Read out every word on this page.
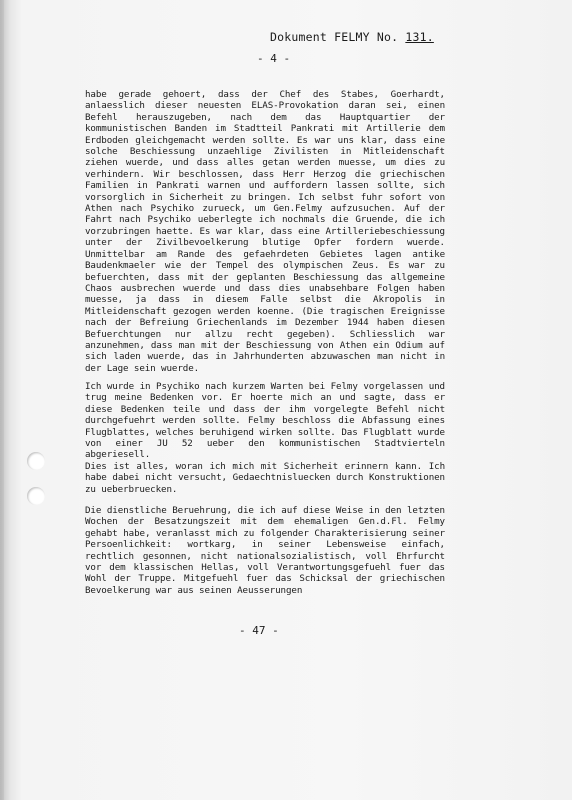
Dokument FELMY No. 131.
- 4 -

habe gerade gehoert, dass der Chef des Stabes, Goerhardt, anlaesslich dieser neuesten ELAS-Provokation daran sei, einen Befehl herauszugeben, nach dem das Hauptquartier der kommunistischen Banden im Stadtteil Pankrati mit Artillerie dem Erdboden gleichgemacht werden sollte. Es war uns klar, dass eine solche Beschiessung unzaehlige Zivilisten in Mitleidenschaft ziehen wuerde, und dass alles getan werden muesse, um dies zu verhindern. Wir beschlossen, dass Herr Herzog die griechischen Familien in Pankrati warnen und auffordern lassen sollte, sich vorsorglich in Sicherheit zu bringen. Ich selbst fuhr sofort von Athen nach Psychiko zurueck, um Gen.Felmy aufzusuchen. Auf der Fahrt nach Psychiko ueberlegte ich nochmals die Gruende, die ich vorzubringen haette. Es war klar, dass eine Artilleriebeschiessung unter der Zivilbevoelkerung blutige Opfer fordern wuerde. Unmittelbar am Rande des gefaehrdeten Gebietes lagen antike Baudenkmaeler wie der Tempel des olympischen Zeus. Es war zu befuerchten, dass mit der geplanten Beschiessung das allgemeine Chaos ausbrechen wuerde und dass dies unabsehbare Folgen haben muesse, ja dass in diesem Falle selbst die Akropolis in Mitleidenschaft gezogen werden koenne. (Die tragischen Ereignisse nach der Befreiung Griechenlands im Dezember 1944 haben diesen Befuerchtungen nur allzu recht gegeben). Schliesslich war anzunehmen, dass man mit der Beschiessung von Athen ein Odium auf sich laden wuerde, das in Jahrhunderten abzuwaschen man nicht in der Lage sein wuerde.

Ich wurde in Psychiko nach kurzem Warten bei Felmy vorgelassen und trug meine Bedenken vor. Er hoerte mich an und sagte, dass er diese Bedenken teile und dass der ihm vorgelegte Befehl nicht durchgefuehrt werden sollte. Felmy beschloss die Abfassung eines Flugblattes, welches beruhigend wirken sollte. Das Flugblatt wurde von einer JU 52 ueber den kommunistischen Stadtvierteln abgeriesell.

Dies ist alles, woran ich mich mit Sicherheit erinnern kann. Ich habe dabei nicht versucht, Gedaechtnisluecken durch Konstruktionen zu ueberbruecken.

Die dienstliche Beruehrung, die ich auf diese Weise in den letzten Wochen der Besatzungszeit mit dem ehemaligen Gen.d.Fl. Felmy gehabt habe, veranlasst mich zu folgender Charakterisierung seiner Persoenlichkeit: wortkarg, in seiner Lebensweise einfach, rechtlich gesonnen, nicht nationalsozialistisch, voll Ehrfurcht vor dem klassischen Hellas, voll Verantwortungsgefuehl fuer das Wohl der Truppe. Mitgefuehl fuer das Schicksal der griechischen Bevoelkerung war aus seinen Aeusserungen

- 47 -
